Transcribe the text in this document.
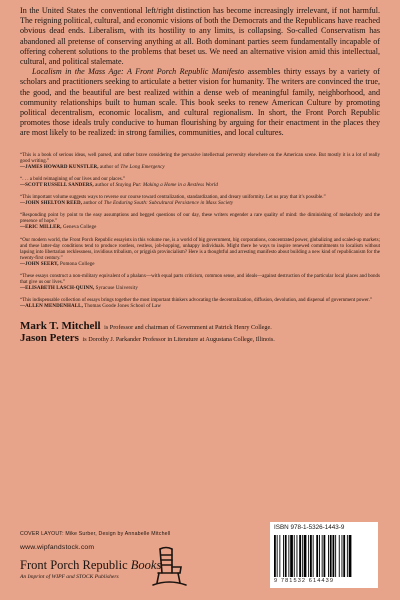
In the United States the conventional left/right distinction has become increasingly irrelevant, if not harmful. The reigning political, cultural, and economic visions of both the Democrats and the Republicans have reached obvious dead ends. Liberalism, with its hostility to any limits, is collapsing. So-called Conservatism has abandoned all pretense of conserving anything at all. Both dominant parties seem fundamentally incapable of offering coherent solutions to the problems that beset us. We need an alternative vision amid this intellectual, cultural, and political stalemate.

Localism in the Mass Age: A Front Porch Republic Manifesto assembles thirty essays by a variety of scholars and practitioners seeking to articulate a better vision for humanity. The writers are convinced the true, the good, and the beautiful are best realized within a dense web of meaningful family, neighborhood, and community relationships built to human scale. This book seeks to renew American Culture by promoting political decentralism, economic localism, and cultural regionalism. In short, the Front Porch Republic promotes those ideals truly conducive to human flourishing by arguing for their enactment in the places they are most likely to be realized: in strong families, communities, and local cultures.

“This is a book of serious ideas, well parsed, and rather brave considering the pervasive intellectual perversity elsewhere on the American scene. But mostly it is a lot of really good writing.”

—JAMES HOWARD KUNSTLER, author of The Long Emergency

“. . . a bold reimagining of our lives and our places.”

—SCOTT RUSSELL SANDERS, author of Staying Put: Making a Home in a Restless World

“This important volume suggests ways to reverse our course toward centralization, standardization, and dreary uniformity. Let us pray that it’s possible.”

—JOHN SHELTON REED, author of The Enduring South: Subcultural Persistence in Mass Society

“Responding point by point to the easy assumptions and begged questions of our day, these writers engender a rare quality of mind: the diminishing of melancholy and the presence of hope.”

—ERIC MILLER, Geneva College

“Our modern world, the Front Porch Republic essayists in this volume rue, is a world of big government, big corporations, concentrated power, globalizing and scaled-up markets; and these latter-day conditions tend to produce rootless, restless, job-hopping, unhappy individuals. Might there be ways to inspire renewed commitments to localism without lapsing into libertarian recklessness, invidious tribalism, or priggish provincialism? Here is a thoughtful and arresting manifesto about building a new kind of republicanism for the twenty-first century.”

—JOHN SEERY, Pomona College

“These essays construct a non-military equivalent of a phalanx—with equal parts criticism, common sense, and ideals—against destruction of the particular local places and bonds that give us our lives.”

—ELISABETH LASCH-QUINN, Syracuse University

“This indispensable collection of essays brings together the most important thinkers advocating the decentralization, diffusion, devolution, and dispersal of government power.”

—ALLEN MENDENHALL, Thomas Goode Jones School of Law

Mark T. Mitchell is Professor and chairman of Government at Patrick Henry College.

Jason Peters is Dorothy J. Parkander Professor in Literature at Augustana College, Illinois.

COVER LAYOUT: Mike Surber, Design by Annabelle Mitchell
www.wipfandstock.com
Front Porch Republic Books
An Imprint of WIPF and STOCK Publishers
ISBN 978-1-5326-1443-9
9 781532 614439
